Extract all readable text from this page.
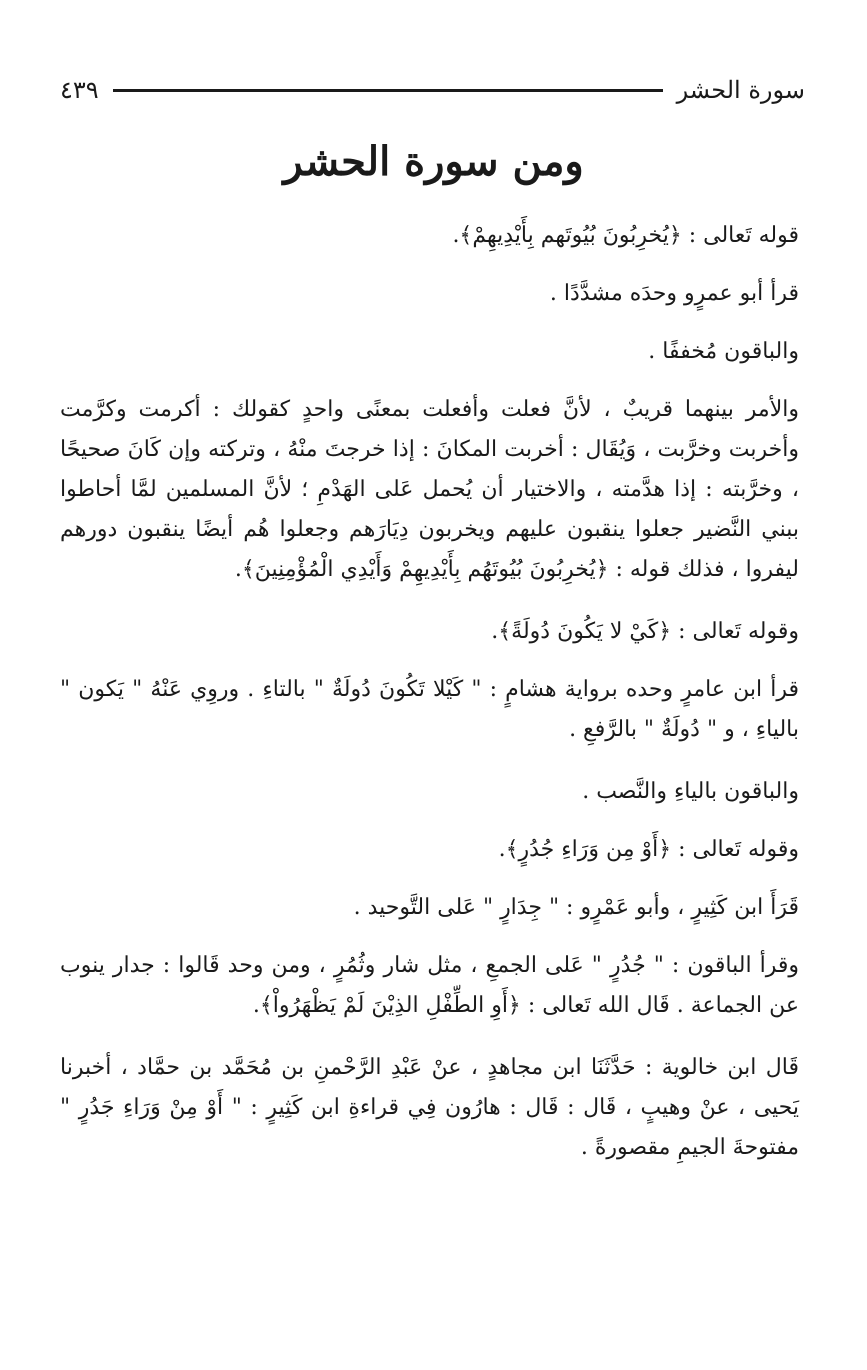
سورة الحشر
٤٣٩
ومن سورة الحشر

قوله تَعالى : ﴿يُخرِبُونَ بُيُوتَهم بِأَيْدِيهِمْ﴾.

قرأ أبو عمرٍو وحدَه مشدَّدًا .

والباقون مُخففًا .

والأمر بينهما قريبٌ ، لأنَّ فعلت وأفعلت بمعنًى واحدٍ كقولك : أكرمت وكرَّمت وأخربت وخرَّبت ، وَيُقَال : أخربت المكانَ : إذا خرجتَ منْهُ ، وتركته وإن كَانَ صحيحًا ، وخرَّبته : إذا هدَّمته ، والاختيار أن يُحمل عَلى الهَدْمِ ؛ لأنَّ المسلمين لمَّا أحاطوا ببني النَّضير جعلوا ينقبون عليهم ويخربون دِيَارَهم وجعلوا هُم أيضًا ينقبون دورهم ليفروا ، فذلك قوله : ﴿يُخرِبُونَ بُيُوتَهُم بِأَيْدِيهِمْ وَأَيْدِي الْمُؤْمِنِينَ﴾.

وقوله تَعالى : ﴿كَيْ لا يَكُونَ دُولَةً﴾.

قرأ ابن عامرٍ وحده برواية هشامٍ : " كَيْلا تَكُونَ دُولَةٌ " بالتاءِ . وروِي عَنْهُ " يَكون " بالياءِ ، و " دُولَةٌ " بالرَّفعِ .

والباقون بالياءِ والنَّصب .

وقوله تَعالى : ﴿أَوْ مِن وَرَاءِ جُدُرٍ﴾.

قَرَأَ ابن كَثِيرٍ ، وأبو عَمْرٍو : " جِدَارٍ " عَلى التَّوحيد .

وقرأ الباقون : " جُدُرٍ " عَلى الجمعِ ، مثل شار وثُمُرٍ ، ومن وحد قَالوا : جدار ينوب عن الجماعة . قَال الله تَعالى : ﴿أَوِ الطِّفْلِ الذِيْنَ لَمْ يَظْهَرُواْ﴾.

قَال ابن خالوية : حَدَّثَنَا ابن مجاهدٍ ، عنْ عَبْدِ الرَّحْمنِ بن مُحَمَّد بن حمَّاد ، أخبرنا يَحيى ، عنْ وهيبٍ ، قَال : قَال : هارُون فِي قراءةِ ابن كَثِيرٍ : " أَوْ مِنْ وَرَاءِ جَدُرٍ " مفتوحةَ الجيمِ مقصورةً .
